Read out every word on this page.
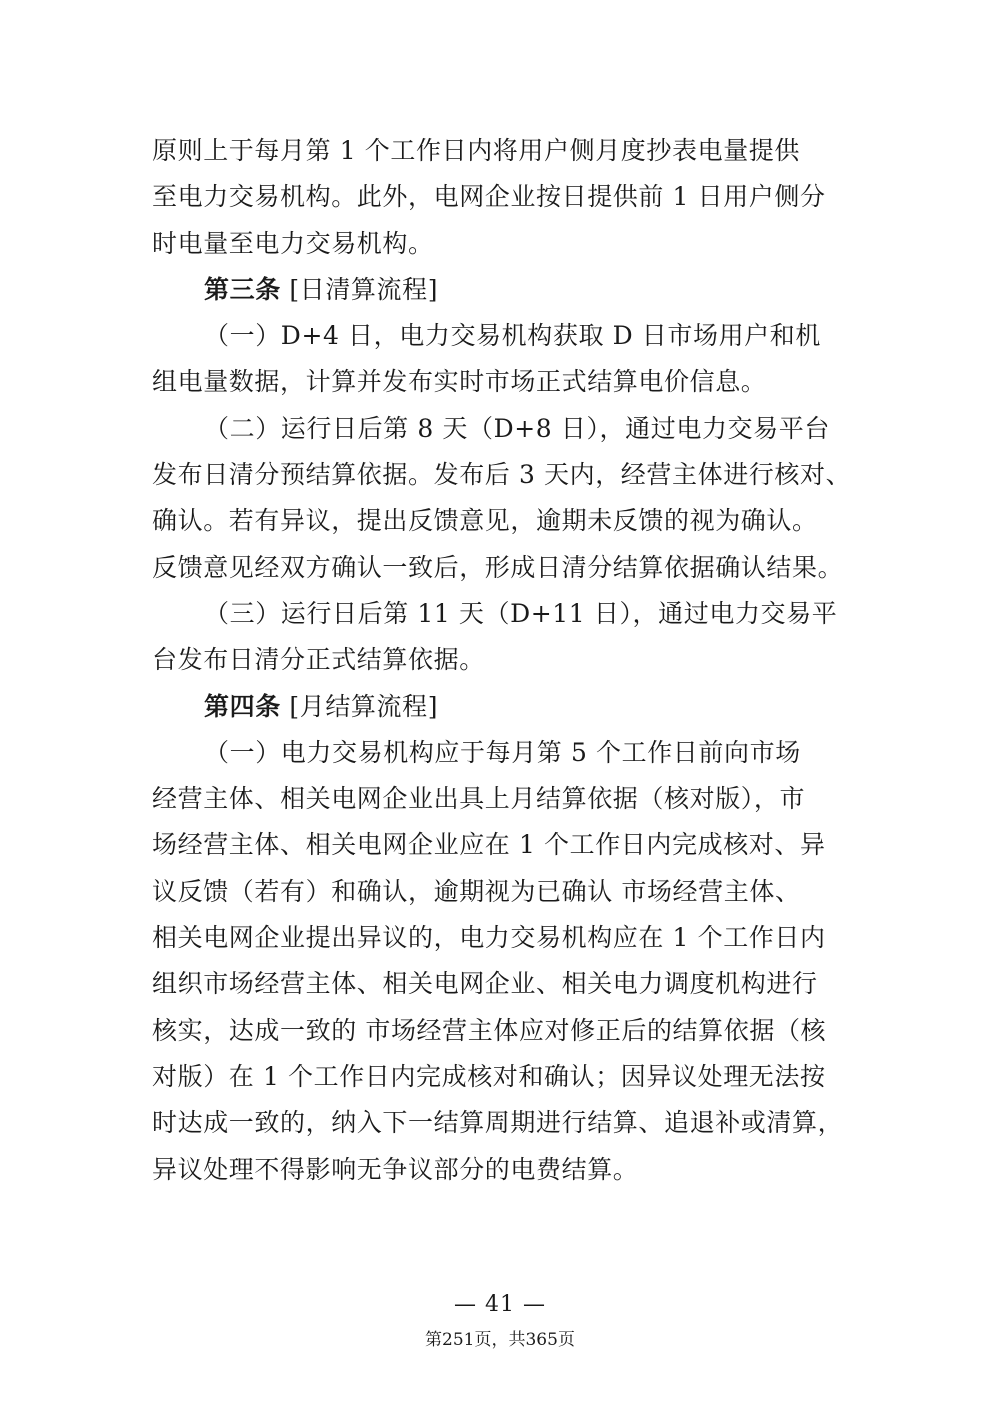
原则上于每月第 1 个工作日内将用户侧月度抄表电量提供
至电力交易机构。此外，电网企业按日提供前 1 日用户侧分
时电量至电力交易机构。
第三条 [日清算流程]
（一）D+4 日，电力交易机构获取 D 日市场用户和机
组电量数据，计算并发布实时市场正式结算电价信息。
（二）运行日后第 8 天（D+8 日），通过电力交易平台
发布日清分预结算依据。发布后 3 天内，经营主体进行核对、
确认。若有异议，提出反馈意见，逾期未反馈的视为确认。
反馈意见经双方确认一致后，形成日清分结算依据确认结果。
（三）运行日后第 11 天（D+11 日），通过电力交易平
台发布日清分正式结算依据。
第四条 [月结算流程]
（一）电力交易机构应于每月第 5 个工作日前向市场
经营主体、相关电网企业出具上月结算依据（核对版），市
场经营主体、相关电网企业应在 1 个工作日内完成核对、异
议反馈（若有）和确认，逾期视为已确认 市场经营主体、
相关电网企业提出异议的，电力交易机构应在 1 个工作日内
组织市场经营主体、相关电网企业、相关电力调度机构进行
核实，达成一致的 市场经营主体应对修正后的结算依据（核
对版）在 1 个工作日内完成核对和确认；因异议处理无法按
时达成一致的，纳入下一结算周期进行结算、追退补或清算，
异议处理不得影响无争议部分的电费结算。
— 41 —
第251页，共365页
